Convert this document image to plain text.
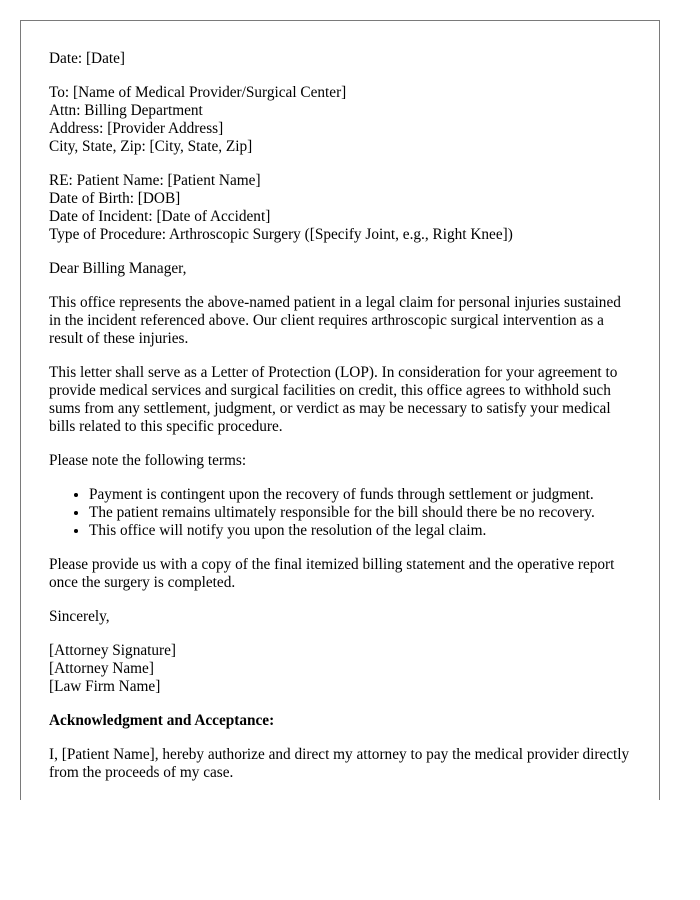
Date: [Date]
To: [Name of Medical Provider/Surgical Center]
Attn: Billing Department
Address: [Provider Address]
City, State, Zip: [City, State, Zip]
RE: Patient Name: [Patient Name]
Date of Birth: [DOB]
Date of Incident: [Date of Accident]
Type of Procedure: Arthroscopic Surgery ([Specify Joint, e.g., Right Knee])

Dear Billing Manager,

This office represents the above-named patient in a legal claim for personal injuries sustained in the incident referenced above. Our client requires arthroscopic surgical intervention as a result of these injuries.

This letter shall serve as a Letter of Protection (LOP). In consideration for your agreement to provide medical services and surgical facilities on credit, this office agrees to withhold such sums from any settlement, judgment, or verdict as may be necessary to satisfy your medical bills related to this specific procedure.

Please note the following terms:

• Payment is contingent upon the recovery of funds through settlement or judgment.
• The patient remains ultimately responsible for the bill should there be no recovery.
• This office will notify you upon the resolution of the legal claim.

Please provide us with a copy of the final itemized billing statement and the operative report once the surgery is completed.

Sincerely,

[Attorney Signature]
[Attorney Name]
[Law Firm Name]

Acknowledgment and Acceptance:

I, [Patient Name], hereby authorize and direct my attorney to pay the medical provider directly from the proceeds of my case.
